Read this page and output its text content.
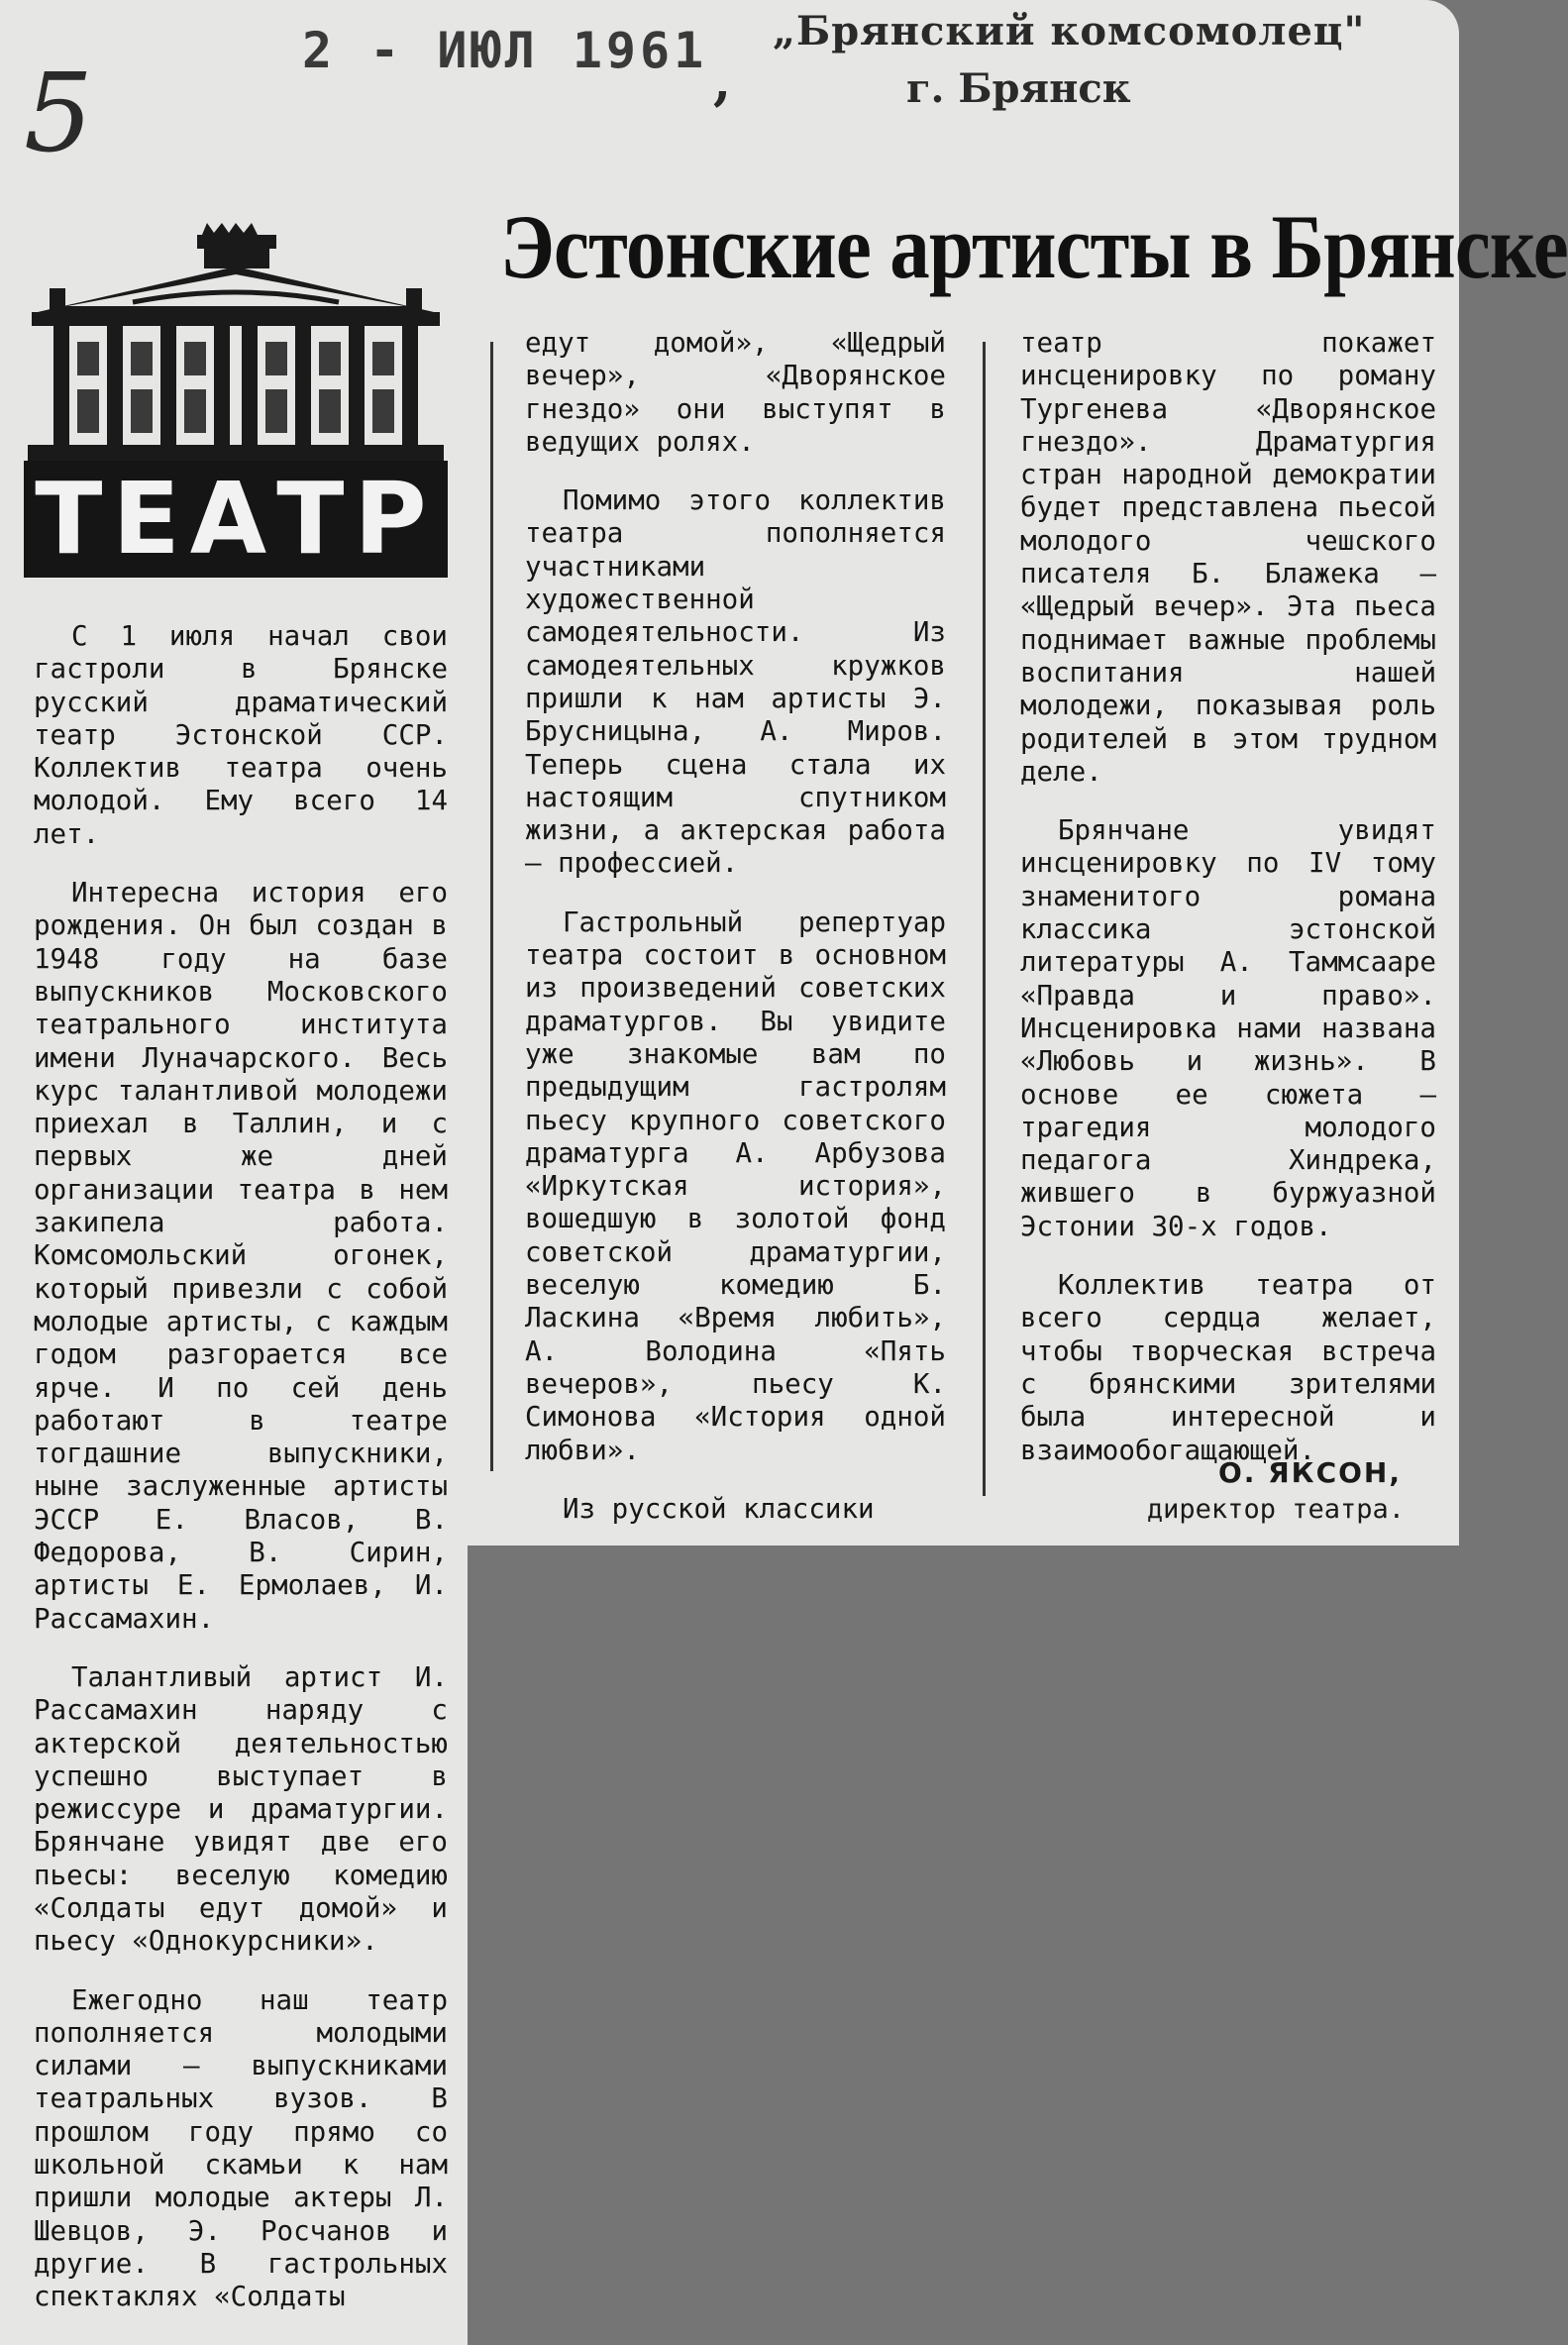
5	2 - ИЮЛ 1961
,
„Брянский комсомолец"
г. Брянск
Эстонские артисты в Брянске
ТЕАТР

С 1 июля начал свои гастроли в Брянске русский драматический театр Эстонской ССР. Коллектив театра очень молодой. Ему всего 14 лет.

Интересна история его рождения. Он был создан в 1948 году на базе выпускников Московского театрального института имени Луначарского. Весь курс талантливой молодежи приехал в Таллин, и с первых же дней организации театра в нем закипела работа. Комсомольский огонек, который привезли с собой молодые артисты, с каждым годом разгорается все ярче. И по сей день работают в театре тогдашние выпускники, ныне заслуженные артисты ЭССР Е. Власов, В. Федорова, В. Сирин, артисты Е. Ермолаев, И. Рассамахин.

Талантливый артист И. Рассамахин наряду с актерской деятельностью успешно выступает в режиссуре и драматургии. Брянчане увидят две его пьесы: веселую комедию «Солдаты едут домой» и пьесу «Однокурсники».

Ежегодно наш театр пополняется молодыми силами — выпускниками театральных вузов. В прошлом году прямо со школьной скамьи к нам пришли молодые актеры Л. Шевцов, Э. Росчанов и другие. В гастрольных спектаклях «Солдаты

едут домой», «Щедрый вечер», «Дворянское гнездо» они выступят в ведущих ролях.

Помимо этого коллектив театра пополняется участниками художественной самодеятельности. Из самодеятельных кружков пришли к нам артисты Э. Брусницына, А. Миров. Теперь сцена стала их настоящим спутником жизни, а актерская работа — профессией.

Гастрольный репертуар театра состоит в основном из произведений советских драматургов. Вы увидите уже знакомые вам по предыдущим гастролям пьесу крупного советского драматурга А. Арбузова «Иркутская история», вошедшую в золотой фонд советской драматургии, веселую комедию Б. Ласкина «Время любить», А. Володина «Пять вечеров», пьесу К. Симонова «История одной любви».

Из русской классики

театр покажет инсценировку по роману Тургенева «Дворянское гнездо». Драматургия стран народной демократии будет представлена пьесой молодого чешского писателя Б. Блажека — «Щедрый вечер». Эта пьеса поднимает важные проблемы воспитания нашей молодежи, показывая роль родителей в этом трудном деле.

Брянчане увидят инсценировку по IV тому знаменитого романа классика эстонской литературы А. Таммсааре «Правда и право». Инсценировка нами названа «Любовь и жизнь». В основе ее сюжета — трагедия молодого педагога Хиндрека, жившего в буржуазной Эстонии 30-х годов.

Коллектив театра от всего сердца желает, чтобы творческая встреча с брянскими зрителями была интересной и взаимообогащающей.

О. ЯКСОН,
директор театра.
